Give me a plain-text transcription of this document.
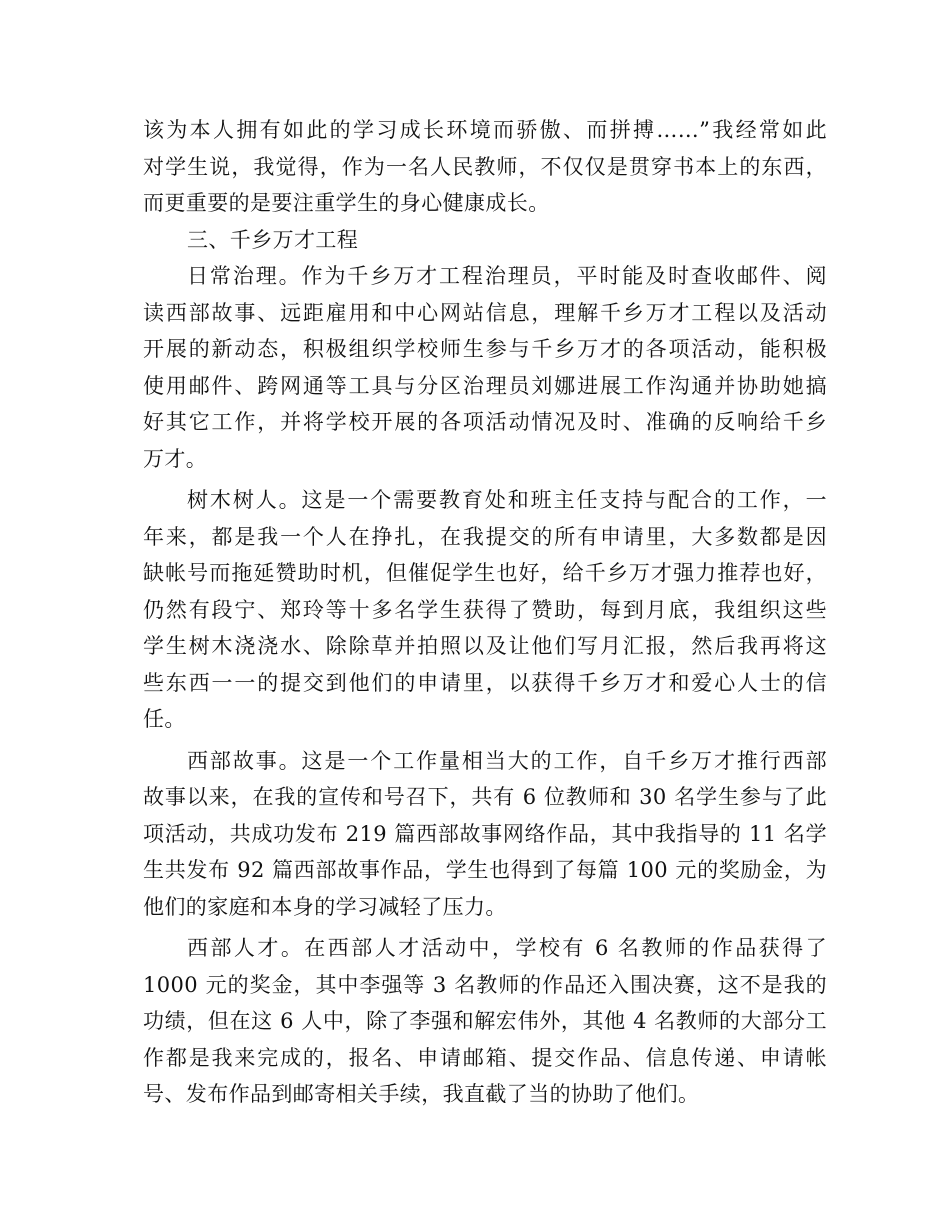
该为本人拥有如此的学习成长环境而骄傲、而拼搏……”我经常如此
对学生说，我觉得，作为一名人民教师，不仅仅是贯穿书本上的东西，
而更重要的是要注重学生的身心健康成长。
三、千乡万才工程
日常治理。作为千乡万才工程治理员，平时能及时查收邮件、阅
读西部故事、远距雇用和中心网站信息，理解千乡万才工程以及活动
开展的新动态，积极组织学校师生参与千乡万才的各项活动，能积极
使用邮件、跨网通等工具与分区治理员刘娜进展工作沟通并协助她搞
好其它工作，并将学校开展的各项活动情况及时、准确的反响给千乡
万才。
树木树人。这是一个需要教育处和班主任支持与配合的工作，一
年来，都是我一个人在挣扎，在我提交的所有申请里，大多数都是因
缺帐号而拖延赞助时机，但催促学生也好，给千乡万才强力推荐也好，
仍然有段宁、郑玲等十多名学生获得了赞助，每到月底，我组织这些
学生树木浇浇水、除除草并拍照以及让他们写月汇报，然后我再将这
些东西一一的提交到他们的申请里，以获得千乡万才和爱心人士的信
任。
西部故事。这是一个工作量相当大的工作，自千乡万才推行西部
故事以来，在我的宣传和号召下，共有 6 位教师和 30 名学生参与了此
项活动，共成功发布 219 篇西部故事网络作品，其中我指导的 11 名学
生共发布 92 篇西部故事作品，学生也得到了每篇 100 元的奖励金，为
他们的家庭和本身的学习减轻了压力。
西部人才。在西部人才活动中，学校有 6 名教师的作品获得了
1000 元的奖金，其中李强等 3 名教师的作品还入围决赛，这不是我的
功绩，但在这 6 人中，除了李强和解宏伟外，其他 4 名教师的大部分工
作都是我来完成的，报名、申请邮箱、提交作品、信息传递、申请帐
号、发布作品到邮寄相关手续，我直截了当的协助了他们。
